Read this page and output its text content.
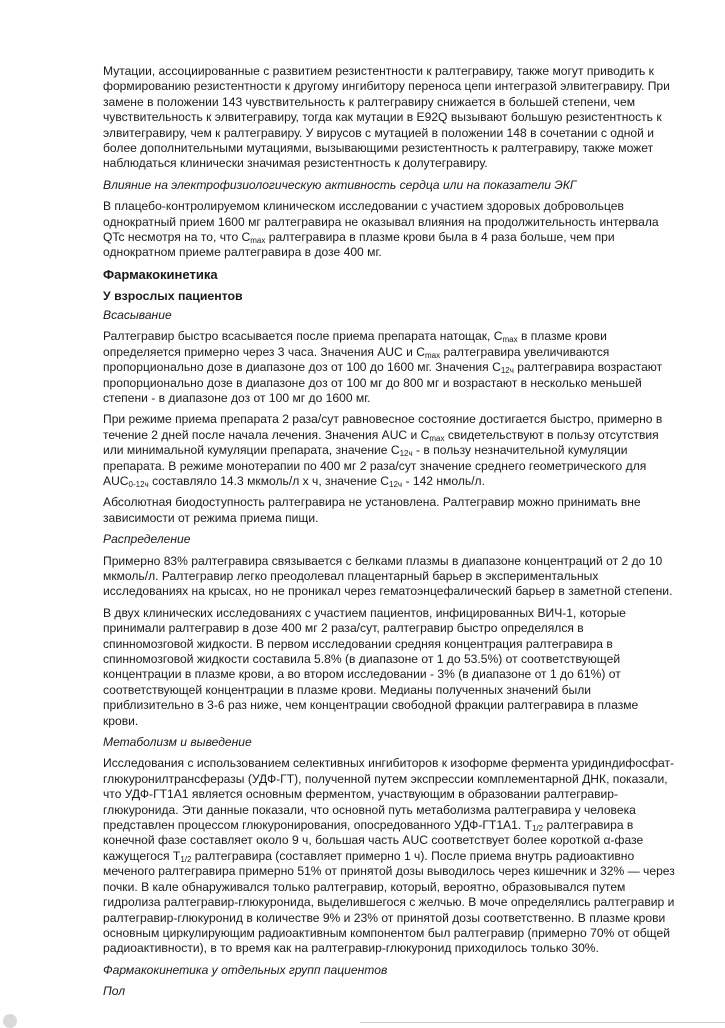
Мутации, ассоциированные с развитием резистентности к ралтегравиру, также могут приводить к формированию резистентности к другому ингибитору переноса цепи интегразой элвитегравиру. При замене в положении 143 чувствительность к ралтегравиру снижается в большей степени, чем чувствительность к элвитегравиру, тогда как мутации в E92Q вызывают большую резистентность к элвитегравиру, чем к ралтегравиру. У вирусов с мутацией в положении 148 в сочетании с одной и более дополнительными мутациями, вызывающими резистентность к ралтегравиру, также может наблюдаться клинически значимая резистентность к долутегравиру.

Влияние на электрофизиологическую активность сердца или на показатели ЭКГ

В плацебо-контролируемом клиническом исследовании с участием здоровых добровольцев однократный прием 1600 мг ралтегравира не оказывал влияния на продолжительность интервала QTc несмотря на то, что $C_{max}$ ралтегравира в плазме крови была в 4 раза больше, чем при однократном приеме ралтегравира в дозе 400 мг.

Фармакокинетика
У взрослых пациентов

Всасывание

Ралтегравир быстро всасывается после приема препарата натощак, $C_{max}$ в плазме крови определяется примерно через 3 часа. Значения AUC и $C_{max}$ ралтегравира увеличиваются пропорционально дозе в диапазоне доз от 100 до 1600 мг. Значения $C_{12ч}$ ралтегравира возрастают пропорционально дозе в диапазоне доз от 100 мг до 800 мг и возрастают в несколько меньшей степени - в диапазоне доз от 100 мг до 1600 мг.

При режиме приема препарата 2 раза/сут равновесное состояние достигается быстро, примерно в течение 2 дней после начала лечения. Значения AUC и $C_{max}$ свидетельствуют в пользу отсутствия или минимальной кумуляции препарата, значение $C_{12ч}$ - в пользу незначительной кумуляции препарата. В режиме монотерапии по 400 мг 2 раза/сут значение среднего геометрического для $AUC_{0-12ч}$ составляло 14.3 мкмоль/л х ч, значение $C_{12ч} - 142$ нмоль/л.

Абсолютная биодоступность ралтегравира не установлена. Ралтегравир можно принимать вне зависимости от режима приема пищи.

Распределение

Примерно 83% ралтегравира связывается с белками плазмы в диапазоне концентраций от 2 до 10 мкмоль/л. Ралтегравир легко преодолевал плацентарный барьер в экспериментальных исследованиях на крысах, но не проникал через гематоэнцефалический барьер в заметной степени.

В двух клинических исследованиях с участием пациентов, инфицированных ВИЧ-1, которые принимали ралтегравир в дозе 400 мг 2 раза/сут, ралтегравир быстро определялся в спинномозговой жидкости. В первом исследовании средняя концентрация ралтегравира в спинномозговой жидкости составила 5.8% (в диапазоне от 1 до 53.5%) от соответствующей концентрации в плазме крови, а во втором исследовании - 3% (в диапазоне от 1 до 61%) от соответствующей концентрации в плазме крови. Медианы полученных значений были приблизительно в 3-6 раз ниже, чем концентрации свободной фракции ралтегравира в плазме крови.

Метаболизм и выведение

Исследования с использованием селективных ингибиторов к изоформе фермента уридиндифосфат-глюкуронилтрансферазы (УДФ-ГТ), полученной путем экспрессии комплементарной ДНК, показали, что УДФ-ГТ1А1 является основным ферментом, участвующим в образовании ралтегравир-глюкуронида. Эти данные показали, что основной путь метаболизма ралтегравира у человека представлен процессом глюкуронирования, опосредованного УДФ-ГТ1А1. $T_{1/2}$ ралтегравира в конечной фазе составляет около 9 ч, большая часть AUC соответствует более короткой α-фазе кажущегося $T_{1/2}$ ралтегравира (составляет примерно 1 ч). После приема внутрь радиоактивно меченого ралтегравира примерно 51% от принятой дозы выводилось через кишечник и 32% — через почки. В кале обнаруживался только ралтегравир, который, вероятно, образовывался путем гидролиза ралтегравир-глюкуронида, выделившегося с желчью. В моче определялись ралтегравир и ралтегравир-глюкуронид в количестве 9% и 23% от принятой дозы соответственно. В плазме крови основным циркулирующим радиоактивным компонентом был ралтегравир (примерно 70% от общей радиоактивности), в то время как на ралтегравир-глюкуронид приходилось только 30%.

Фармакокинетика у отдельных групп пациентов

Пол
